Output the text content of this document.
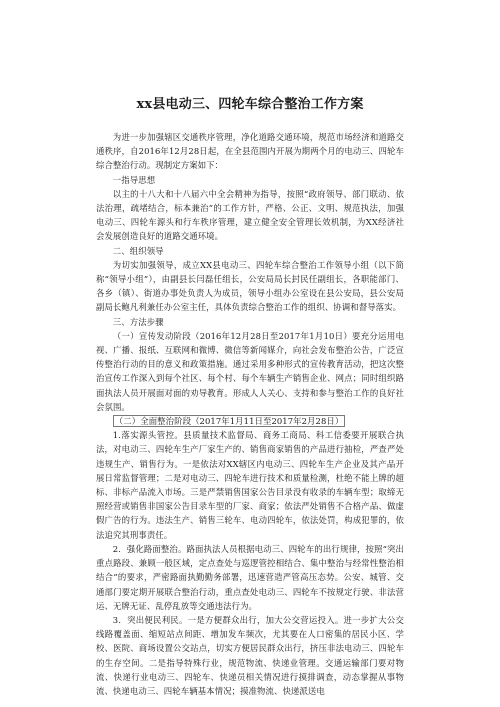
xx县电动三、四轮车综合整治工作方案

为进一步加强辖区交通秩序管理，净化道路交通环境，规范市场经济和道路交通秩序，自2016年12月28日起，在全县范围内开展为期两个月的电动三、四轮车综合整治行动。现制定方案如下：

一指导思想

以主的十八大和十八届六中全会精神为指导，按照“政府领导、部门联动、依法治理，疏堵结合，标本兼治”的工作方针，严格、公正、文明、规范执法，加强电动三、四轮车源头和行车秩序管理，建立健全安全管理长效机制，为XX经济社会发展创造良好的道路交通环境。

二、组织领导

为切实加强领导，成立XX县电动三、四轮车综合整治工作领导小组（以下简称“领导小组”），由副县长闫磊任组长，公安局局长封民任副组长，各职能部门、各乡（镇）、街道办事处负责人为成员，领导小组办公室设在县公安局，县公安局副局长鲍凡利兼任办公室主任，具体负责综合整治工作的组织、协调和督导落实。

三、方法步骤

（一）宣传发动阶段（2016年12月28日至2017年1月10日）要充分运用电视、广播、报纸、互联网和微博、微信等新闻媒介，向社会发布整治公告，广泛宣传整治行动的目的意义和政策措施。通过采用多种形式的宣传教育活动，把这次整治宣传工作深入到每个社区、每个村、每个车辆生产销售企业、网点；同时组织路面执法人员开展面对面的劝导教育。形成人人关心、支持和参与整治工作的良好社会氛围。

（二）全面整治阶段（2017年1月11日至2017年2月28日）

1.落实源头管控。县质量技术监督局、商务工商局、科工信委要开展联合执法，对电动三、四轮车生产厂家生产的、销售商家销售的产品进行抽检，严查严处违规生产、销售行为。一是依法对XX辖区内电动三、四轮车生产企业及其产品开展日常监督管理；二是对电动三、四轮车进行技术和质量检测，杜绝不能上牌的超标、非标产品流入市场。三是严禁销售国家公告目录没有收录的车辆车型；取缔无照经营或销售非国家公告目录车型的厂家、商家；依法严处销售不合格产品、做虚假广告的行为。违法生产、销售三轮车、电动四轮车，依法处罚，构成犯罪的，依法追究其刑事责任。

2．强化路面整治。路面执法人员根据电动三、四轮车的出行规律，按照“突出重点路段、兼顾一般区域，定点查处与巡逻管控相结合、集中整治与经常性整治相结合”的要求，严密路面执勤勤务部署，迅速营造严管高压态势。公安、城管、交通部门要定期开展联合整治行动，重点查处电动三、四轮车不按规定行驶、非法营运、无牌无证、乱停乱放等交通违法行为。

3．突出便民利民。一是方便群众出行，加大公交营运投入。进一步扩大公交线路覆盖面、缩短站点间距、增加发车频次，尤其要在人口密集的居民小区、学校、医院、商场设置公交站点，切实方便居民群众出行，挤压非法电动三、四轮车的生存空间。二是指导特殊行业，规范物流、快递业管理。交通运输部门要对物流、快递行业电动三、四轮车、快递员相关情况进行摸排调查，动态掌握从事物流、快递电动三、四轮车辆基本情况；摸准物流、快递派送电
